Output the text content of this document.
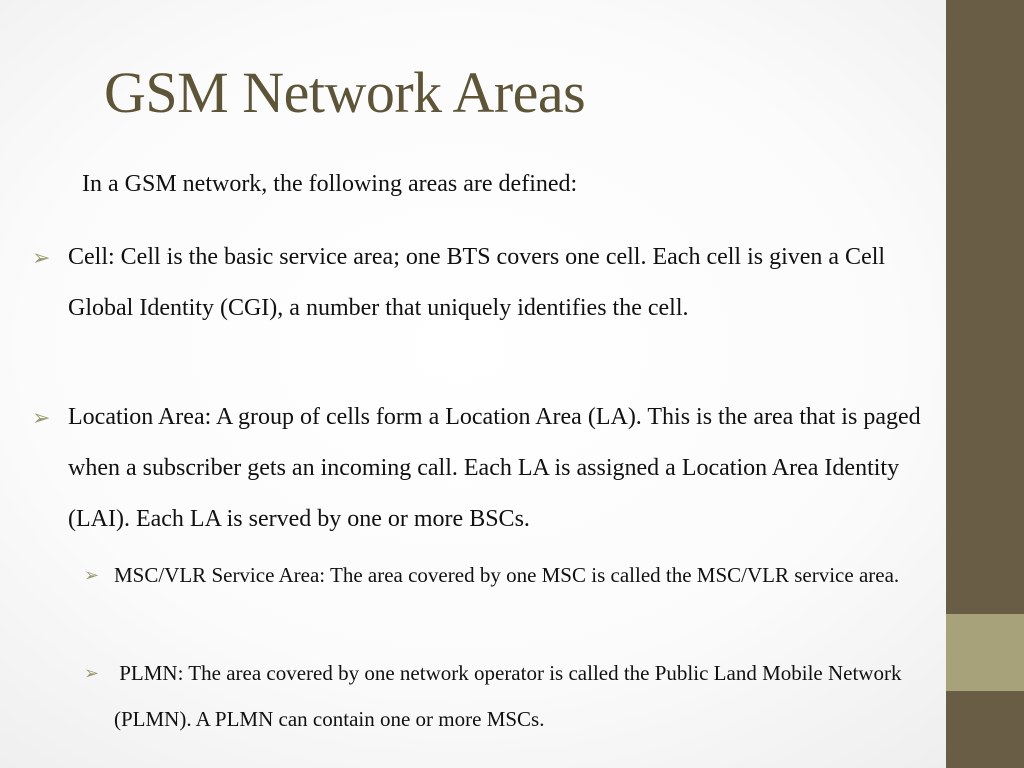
GSM Network Areas
In a GSM network, the following areas are defined:
➢ Cell: Cell is the basic service area; one BTS covers one cell. Each cell is given a Cell Global Identity (CGI), a number that uniquely identifies the cell.
➢ Location Area: A group of cells form a Location Area (LA). This is the area that is paged when a subscriber gets an incoming call. Each LA is assigned a Location Area Identity (LAI). Each LA is served by one or more BSCs.
➢ MSC/VLR Service Area: The area covered by one MSC is called the MSC/VLR service area.
➢ PLMN: The area covered by one network operator is called the Public Land Mobile Network (PLMN). A PLMN can contain one or more MSCs.
